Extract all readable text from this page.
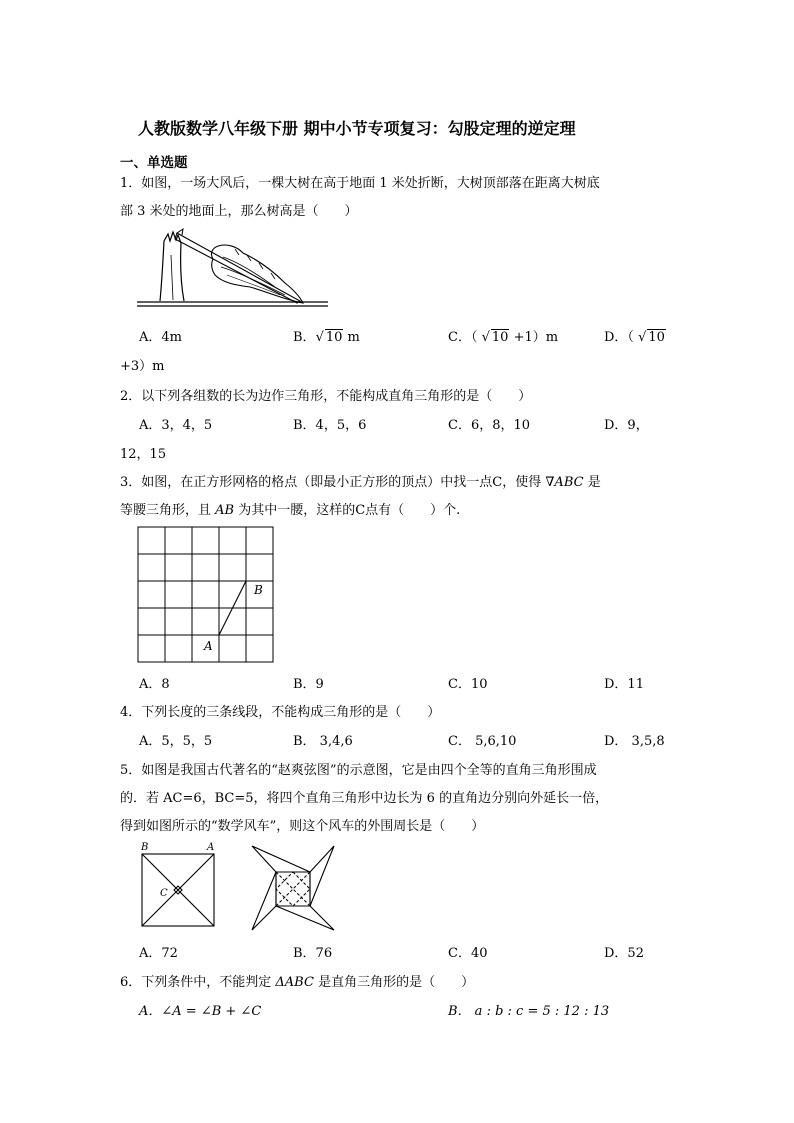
人教版数学八年级下册 期中小节专项复习：勾股定理的逆定理
一、单选题
1．如图，一场大风后，一棵大树在高于地面 1 米处折断，大树顶部落在距离大树底
部 3 米处的地面上，那么树高是（　　）
A．4m	B．√ 10 m	C．（ √ 10 +1）m	D．（ √ 10
+3）m
2．以下列各组数的长为边作三角形，不能构成直角三角形的是（　　）
A．3，4，5	B．4，5，6	C．6，8，10	D．9，
12，15
3．如图，在正方形网格的格点（即最小正方形的顶点）中找一点C，使得 ∇ABC 是
等腰三角形，且 AB 为其中一腰，这样的C点有（　　）个.
B
A
A．8	B．9	C．10	D．11
4．下列长度的三条线段，不能构成三角形的是（　　）
A．5，5，5	B． 3,4,6	C． 5,6,10	D． 3,5,8
5．如图是我国古代著名的“赵爽弦图”的示意图，它是由四个全等的直角三角形围成
的．若 AC=6，BC=5，将四个直角三角形中边长为 6 的直角边分别向外延长一倍，
得到如图所示的“数学风车”，则这个风车的外围周长是（　　）
B	A
C
A．72	B．76	C．40	D．52
6．下列条件中，不能判定 ΔABC 是直角三角形的是（　　）
A．∠A = ∠B + ∠C	B． a : b : c = 5 : 12 : 13
